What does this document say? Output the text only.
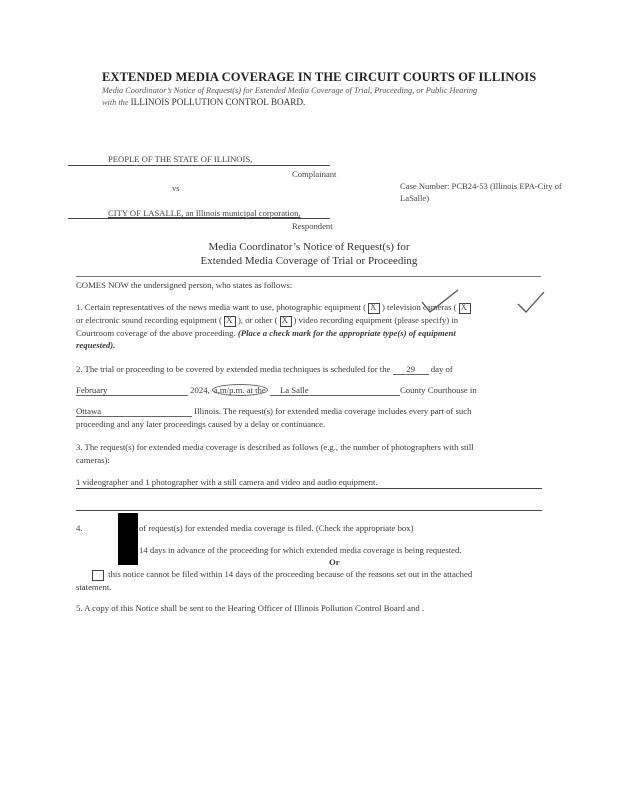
EXTENDED MEDIA COVERAGE IN THE CIRCUIT COURTS OF ILLINOIS
Media Coordinator’s Notice of Request(s) for Extended Media Coverage of Trial, Proceeding, or Public Hearing
with the ILLINOIS POLLUTION CONTROL BOARD.
PEOPLE OF THE STATE OF ILLINOIS,
Complainant
vs	Case Number: PCB24-53 (Illinois EPA-City of
LaSalle)
CITY OF LASALLE, an Illinois municipal corporation,
Respondent
Media Coordinator’s Notice of Request(s) for
Extended Media Coverage of Trial or Proceeding
COMES NOW the undersigned person, who states as follows:
1. Certain representatives of the news media want to use, photographic equipment ( X ) television cameras ( X
or electronic sound recording equipment ( X ), or other ( X ) video recording equipment (please specify) in
Courtroom coverage of the above proceeding. (Place a check mark for the appropriate type(s) of equipment
requested).
2. The trial or proceeding to be covered by extended media techniques is scheduled for the 29 day of
February	2024, a.m/p.m. at the La Salle	County Courthouse in
Ottawa	Illinois. The request(s) for extended media coverage includes every part of such
proceeding and any later proceedings caused by a delay or continuance.
3. The request(s) for extended media coverage is described as follows (e.g., the number of photographers with still
cameras):
1 videographer and 1 photographer with a still camera and video and audio equipment.
4.	of request(s) for extended media coverage is filed. (Check the appropriate box)
14 days in advance of the proceeding for which extended media coverage is being requested.
Or
this notice cannot be filed within 14 days of the proceeding because of the reasons set out in the attached
statement.
5. A copy of this Notice shall be sent to the Hearing Officer of Illinois Pollution Control Board and .
